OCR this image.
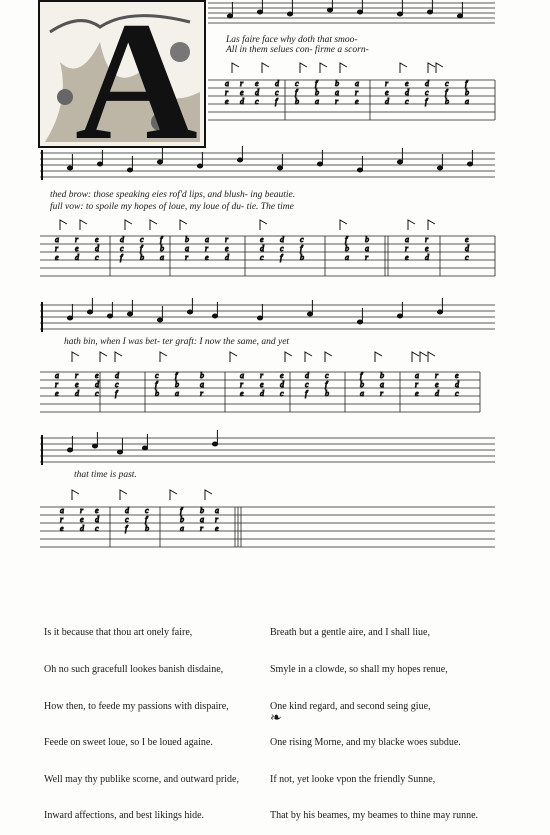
A	a
r
e
r
e
d
e
d
c
d
c
f
c
f
b
f
b
a
b
a
r
a
r
e
r
e
d
e
d
c
d
c
f
c
f
b
f
b
a
a
r
e
r
e
d
e
d
c
d
c
f
c
f
b
f
b
a
b
a
r
a
r
e
r
e
d
e
d
c
d
c
f
c
f
b
f
b
a
b
a
r
a
r
e
r
e
d
e
d
c
a
r
e
r
e
d
e
d
c
d
c
f
c
f
b
f
b
a
b
a
r
a
r
e
r
e
d
e
d
c
d
c
f
c
f
b
f
b
a
b
a
r
a
r
e
r
e
d
e
d
c
a
r
e
r
e
d
e
d
c
d
c
f
c
f
b
f
b
a
b
a
r
a
r
e
Las faire face why doth that smoo-
All in them selues con- firme a scorn-
thed brow: those speaking eies rof'd lips, and blush- ing beautie.
full vow: to spoile my hopes of loue, my loue of du- tie. The time
hath bin, when I was bet- ter graft: I now the same, and yet
that time is past.

Is it because that thou art onely faire,

Oh no such gracefull lookes banish disdaine,

How then, to feede my passions with dispaire,

Feede on sweet loue, so I be loued againe.

Well may thy publike scorne, and outward pride,

Inward affections, and best likings hide.

Breath but a gentle aire, and I shall liue,

Smyle in a clowde, so shall my hopes renue,

One kind regard, and second seing giue,

One rising Morne, and my blacke woes subdue.

If not, yet looke vpon the friendly Sunne,

That by his beames, my beames to thine may runne.

❧
